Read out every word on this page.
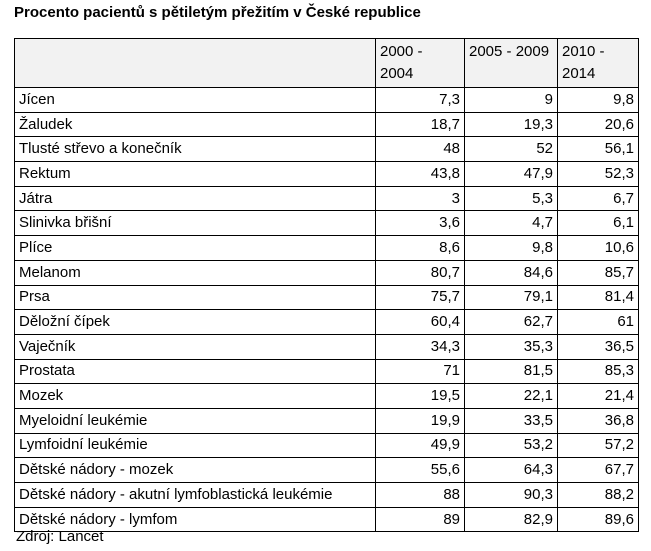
Procento pacientů s pětiletým přežitím v České republice
	2000 - 2004	2005 - 2009	2010 - 2014
Jícen	7,3	9	9,8
Žaludek	18,7	19,3	20,6
Tlusté střevo a konečník	48	52	56,1
Rektum	43,8	47,9	52,3
Játra	3	5,3	6,7
Slinivka břišní	3,6	4,7	6,1
Plíce	8,6	9,8	10,6
Melanom	80,7	84,6	85,7
Prsa	75,7	79,1	81,4
Děložní čípek	60,4	62,7	61
Vaječník	34,3	35,3	36,5
Prostata	71	81,5	85,3
Mozek	19,5	22,1	21,4
Myeloidní leukémie	19,9	33,5	36,8
Lymfoidní leukémie	49,9	53,2	57,2
Dětské nádory - mozek	55,6	64,3	67,7
Dětské nádory - akutní lymfoblastická leukémie	88	90,3	88,2
Dětské nádory - lymfom	89	82,9	89,6
Zdroj: Lancet
